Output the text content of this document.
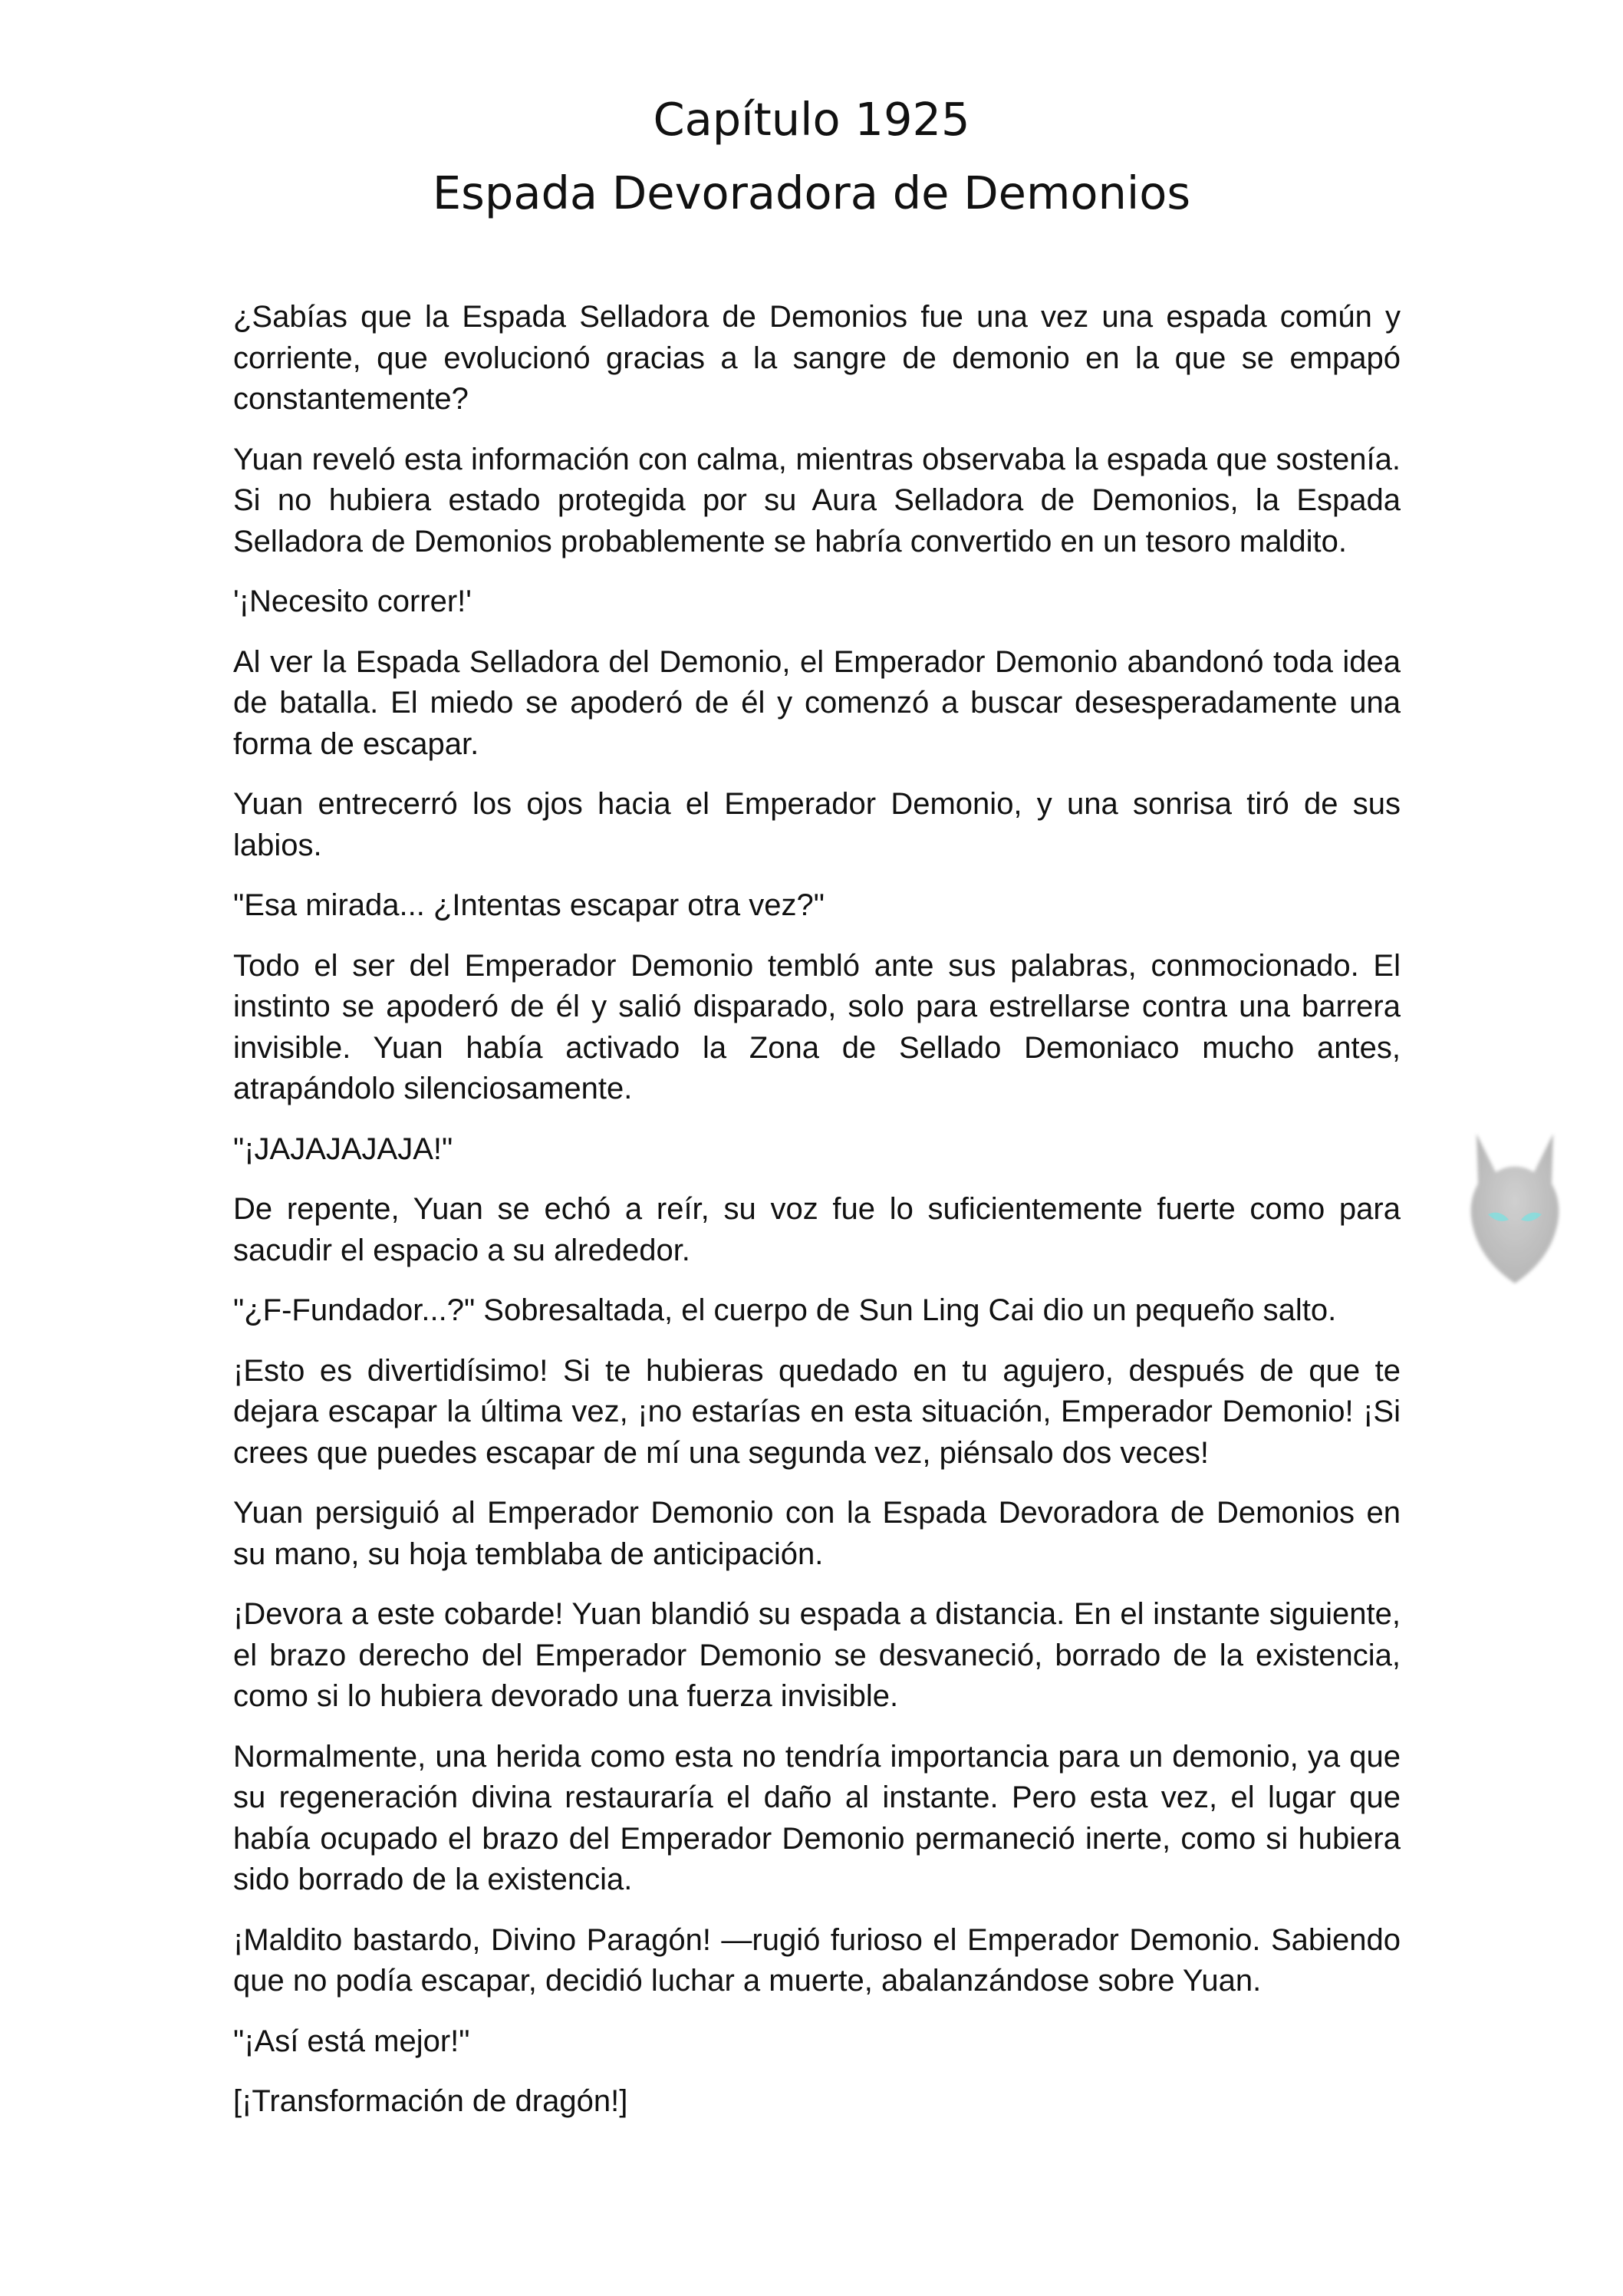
Capítulo 1925
Espada Devoradora de Demonios

¿Sabías que la Espada Selladora de Demonios fue una vez una espada común y corriente, que evolucionó gracias a la sangre de demonio en la que se empapó constantemente?

Yuan reveló esta información con calma, mientras observaba la espada que sostenía. Si no hubiera estado protegida por su Aura Selladora de Demonios, la Espada Selladora de Demonios probablemente se habría convertido en un tesoro maldito.

'¡Necesito correr!'

Al ver la Espada Selladora del Demonio, el Emperador Demonio abandonó toda idea de batalla. El miedo se apoderó de él y comenzó a buscar desesperadamente una forma de escapar.

Yuan entrecerró los ojos hacia el Emperador Demonio, y una sonrisa tiró de sus labios.

"Esa mirada... ¿Intentas escapar otra vez?"

Todo el ser del Emperador Demonio tembló ante sus palabras, conmocionado. El instinto se apoderó de él y salió disparado, solo para estrellarse contra una barrera invisible. Yuan había activado la Zona de Sellado Demoniaco mucho antes, atrapándolo silenciosamente.

"¡JAJAJAJAJA!"

De repente, Yuan se echó a reír, su voz fue lo suficientemente fuerte como para sacudir el espacio a su alrededor.

"¿F-Fundador...?" Sobresaltada, el cuerpo de Sun Ling Cai dio un pequeño salto.

¡Esto es divertidísimo! Si te hubieras quedado en tu agujero, después de que te dejara escapar la última vez, ¡no estarías en esta situación, Emperador Demonio! ¡Si crees que puedes escapar de mí una segunda vez, piénsalo dos veces!

Yuan persiguió al Emperador Demonio con la Espada Devoradora de Demonios en su mano, su hoja temblaba de anticipación.

¡Devora a este cobarde! Yuan blandió su espada a distancia. En el instante siguiente, el brazo derecho del Emperador Demonio se desvaneció, borrado de la existencia, como si lo hubiera devorado una fuerza invisible.

Normalmente, una herida como esta no tendría importancia para un demonio, ya que su regeneración divina restauraría el daño al instante. Pero esta vez, el lugar que había ocupado el brazo del Emperador Demonio permaneció inerte, como si hubiera sido borrado de la existencia.

¡Maldito bastardo, Divino Paragón! —rugió furioso el Emperador Demonio. Sabiendo que no podía escapar, decidió luchar a muerte, abalanzándose sobre Yuan.

"¡Así está mejor!"

[¡Transformación de dragón!]
